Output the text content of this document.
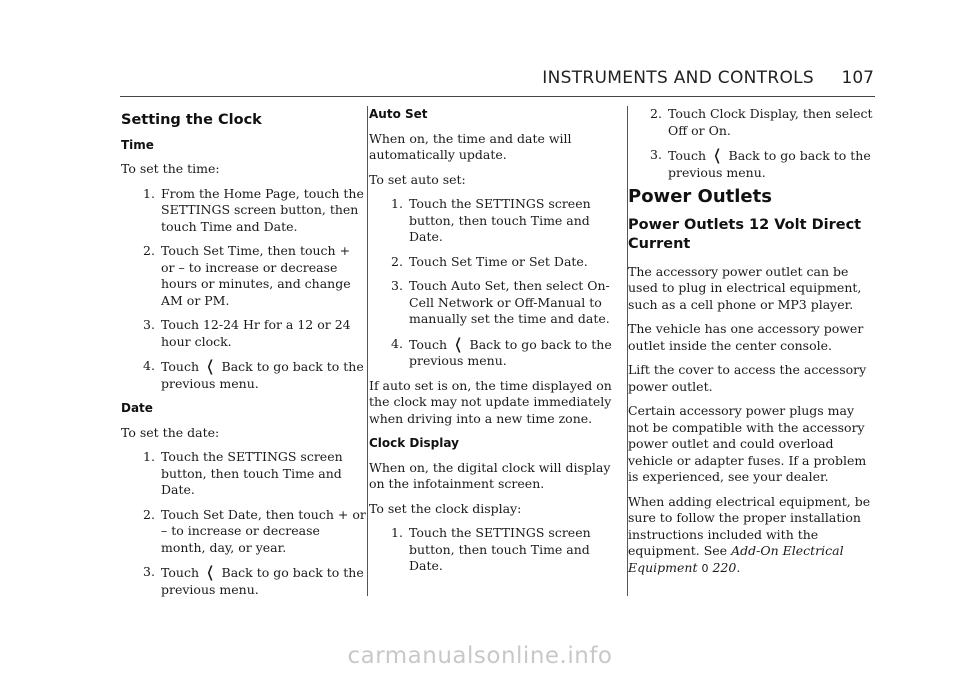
INSTRUMENTS AND CONTROLS 107
Setting the Clock
Time

To set the time:

1. From the Home Page, touch the SETTINGS screen button, then touch Time and Date.
2. Touch Set Time, then touch + or – to increase or decrease hours or minutes, and change AM or PM.
3. Touch 12-24 Hr for a 12 or 24 hour clock.
4. Touch ❬ Back to go back to the previous menu.
Date

To set the date:

1. Touch the SETTINGS screen button, then touch Time and Date.
2. Touch Set Date, then touch + or – to increase or decrease month, day, or year.
3. Touch ❬ Back to go back to the previous menu.
Auto Set

When on, the time and date will automatically update.

To set auto set:

1. Touch the SETTINGS screen button, then touch Time and Date.
2. Touch Set Time or Set Date.
3. Touch Auto Set, then select On-Cell Network or Off-Manual to manually set the time and date.
4. Touch ❬ Back to go back to the previous menu.

If auto set is on, the time displayed on the clock may not update immediately when driving into a new time zone.

Clock Display

When on, the digital clock will display on the infotainment screen.

To set the clock display:

1. Touch the SETTINGS screen button, then touch Time and Date.
2. Touch Clock Display, then select Off or On.
3. Touch ❬ Back to go back to the previous menu.
Power Outlets
Power Outlets 12 Volt Direct Current

The accessory power outlet can be used to plug in electrical equipment, such as a cell phone or MP3 player.

The vehicle has one accessory power outlet inside the center console.

Lift the cover to access the accessory power outlet.

Certain accessory power plugs may not be compatible with the accessory power outlet and could overload vehicle or adapter fuses. If a problem is experienced, see your dealer.

When adding electrical equipment, be sure to follow the proper installation instructions included with the equipment. See Add-On Electrical Equipment 0 220.

carmanualsonline.info
